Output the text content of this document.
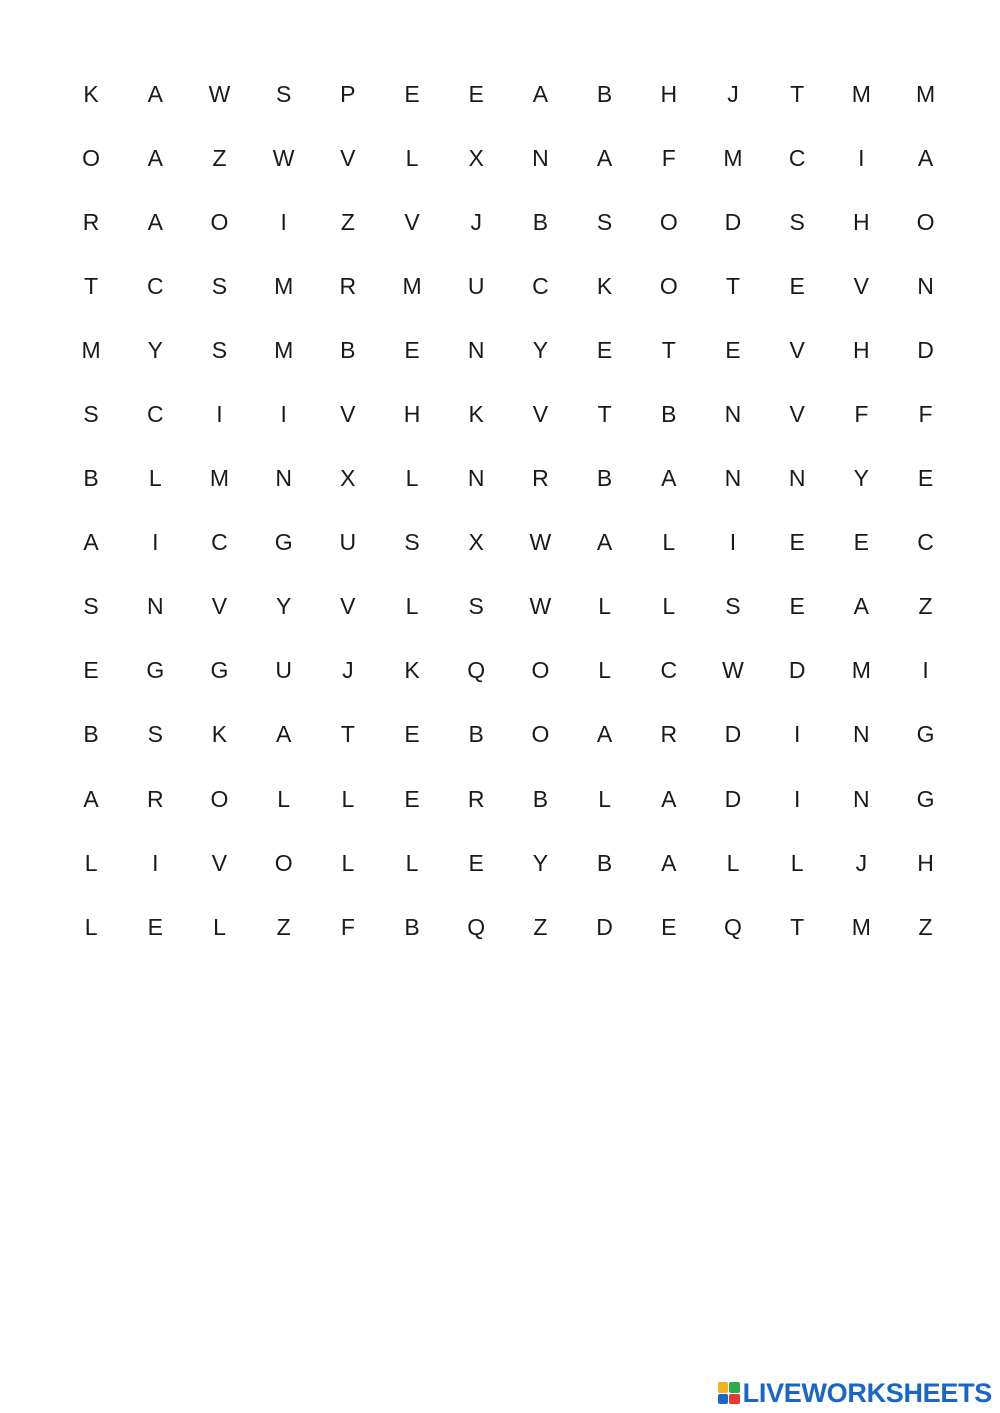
K	A	W	S	P	E	E	A	B	H	J	T	M	M
O	A	Z	W	V	L	X	N	A	F	M	C	I	A
R	A	O	I	Z	V	J	B	S	O	D	S	H	O
T	C	S	M	R	M	U	C	K	O	T	E	V	N
M	Y	S	M	B	E	N	Y	E	T	E	V	H	D
S	C	I	I	V	H	K	V	T	B	N	V	F	F
B	L	M	N	X	L	N	R	B	A	N	N	Y	E
A	I	C	G	U	S	X	W	A	L	I	E	E	C
S	N	V	Y	V	L	S	W	L	L	S	E	A	Z
E	G	G	U	J	K	Q	O	L	C	W	D	M	I
B	S	K	A	T	E	B	O	A	R	D	I	N	G
A	R	O	L	L	E	R	B	L	A	D	I	N	G
L	I	V	O	L	L	E	Y	B	A	L	L	J	H
L	E	L	Z	F	B	Q	Z	D	E	Q	T	M	Z
LIVEWORKSHEETS
